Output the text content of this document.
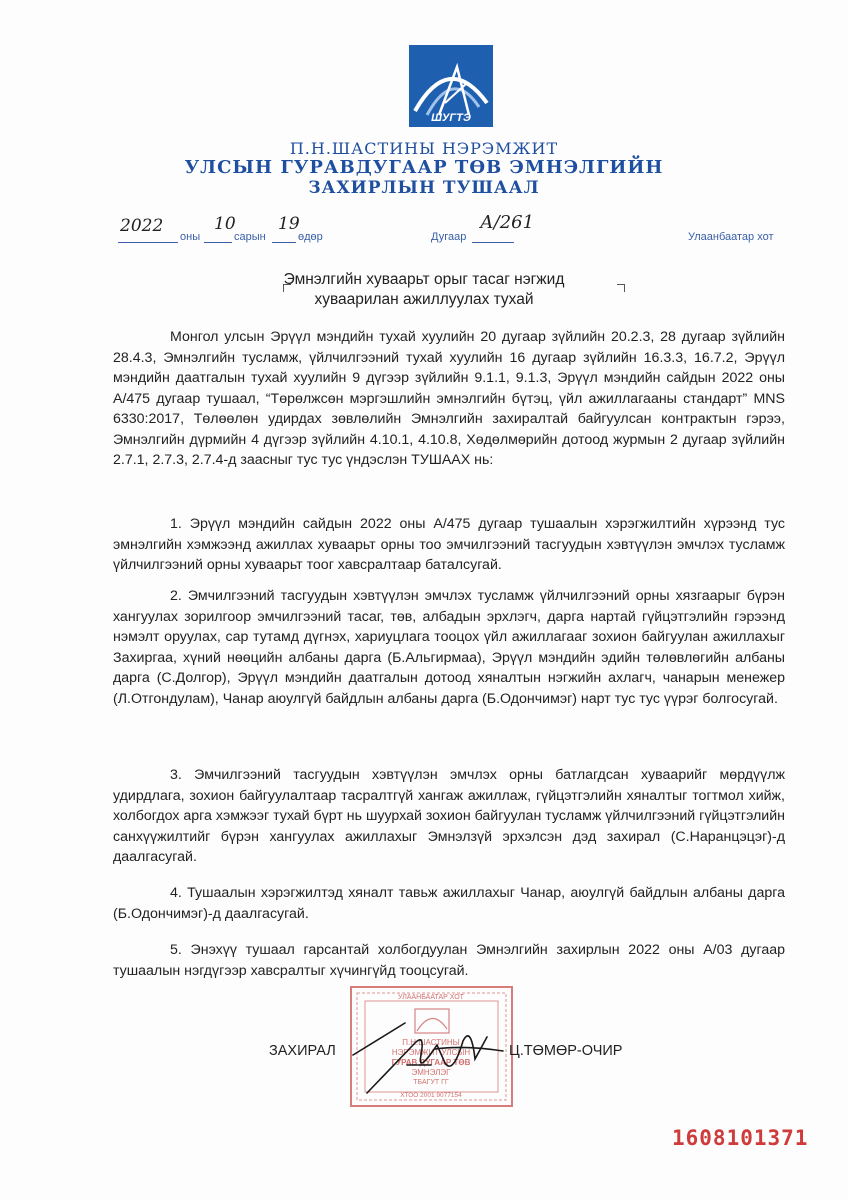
ШУГТЭ
П.Н.ШАСТИНЫ НЭРЭМЖИТ
УЛСЫН ГУРАВДУГААР ТӨВ ЭМНЭЛГИЙН
ЗАХИРЛЫН ТУШААЛ
2022
оны
10
сарын
19
өдөр	Дугаар
А/261
Улаанбаатар хот
Эмнэлгийн хуваарьт орыг тасаг нэгжид
хуваарилан ажиллуулах тухай

Монгол улсын Эрүүл мэндийн тухай хуулийн 20 дугаар зүйлийн 20.2.3, 28 дугаар зүйлийн 28.4.3, Эмнэлгийн тусламж, үйлчилгээний тухай хуулийн 16 дугаар зүйлийн 16.3.3, 16.7.2, Эрүүл мэндийн даатгалын тухай хуулийн 9 дүгээр зүйлийн 9.1.1, 9.1.3, Эрүүл мэндийн сайдын 2022 оны А/475 дугаар тушаал, “Төрөлжсөн мэргэшлийн эмнэлгийн бүтэц, үйл ажиллагааны стандарт” MNS 6330:2017, Төлөөлөн удирдах зөвлөлийн Эмнэлгийн захиралтай байгуулсан контрактын гэрээ, Эмнэлгийн дүрмийн 4 дүгээр зүйлийн 4.10.1, 4.10.8, Хөдөлмөрийн дотоод журмын 2 дугаар зүйлийн 2.7.1, 2.7.3, 2.7.4-д заасныг тус тус үндэслэн ТУШААХ нь:

1. Эрүүл мэндийн сайдын 2022 оны А/475 дугаар тушаалын хэрэгжилтийн хүрээнд тус эмнэлгийн хэмжээнд ажиллах хуваарьт орны тоо эмчилгээний тасгуудын хэвтүүлэн эмчлэх тусламж үйлчилгээний орны хуваарьт тоог хавсралтаар баталсугай.

2. Эмчилгээний тасгуудын хэвтүүлэн эмчлэх тусламж үйлчилгээний орны хязгаарыг бүрэн хангуулах зорилгоор эмчилгээний тасаг, төв, албадын эрхлэгч, дарга нартай гүйцэтгэлийн гэрээнд нэмэлт оруулах, сар тутамд дүгнэх, хариуцлага тооцох үйл ажиллагааг зохион байгуулан ажиллахыг Захиргаа, хүний нөөцийн албаны дарга (Б.Альгирмаа), Эрүүл мэндийн эдийн төлөвлөгийн албаны дарга (С.Долгор), Эрүүл мэндийн даатгалын дотоод хяналтын нэгжийн ахлагч, чанарын менежер (Л.Отгондулам), Чанар аюулгүй байдлын албаны дарга (Б.Одончимэг) нарт тус тус үүрэг болгосугай.

3. Эмчилгээний тасгуудын хэвтүүлэн эмчлэх орны батлагдсан хуваарийг мөрдүүлж удирдлага, зохион байгуулалтаар тасралтгүй хангаж ажиллаж, гүйцэтгэлийн хяналтыг тогтмол хийж, холбогдох арга хэмжээг тухай бүрт нь шуурхай зохион байгуулан тусламж үйлчилгээний гүйцэтгэлийн санхүүжилтийг бүрэн хангуулах ажиллахыг Эмнэлзүй эрхэлсэн дэд захирал (С.Наранцэцэг)-д даалгасугай.

4. Тушаалын хэрэгжилтэд хяналт тавьж ажиллахыг Чанар, аюулгүй байдлын албаны дарга (Б.Одончимэг)-д даалгасугай.

5. Энэхүү тушаал гарсантай холбогдуулан Эмнэлгийн захирлын 2022 оны А/03 дугаар тушаалын нэгдүгээр хавсралтыг хүчингүйд тооцсугай.

УЛААНБААТАР ХОТ
П.Н.ШАСТИНЫ
НЭРЭМЖИТ УЛСЫН
ГУРАВ ДУГААР ТӨВ
ЭМНЭЛЭГ
ТБАГУТ ГГ
ХТОО 2001 9077154
ЗАХИРАЛ	Ц.ТӨМӨР-ОЧИР
1608101371
